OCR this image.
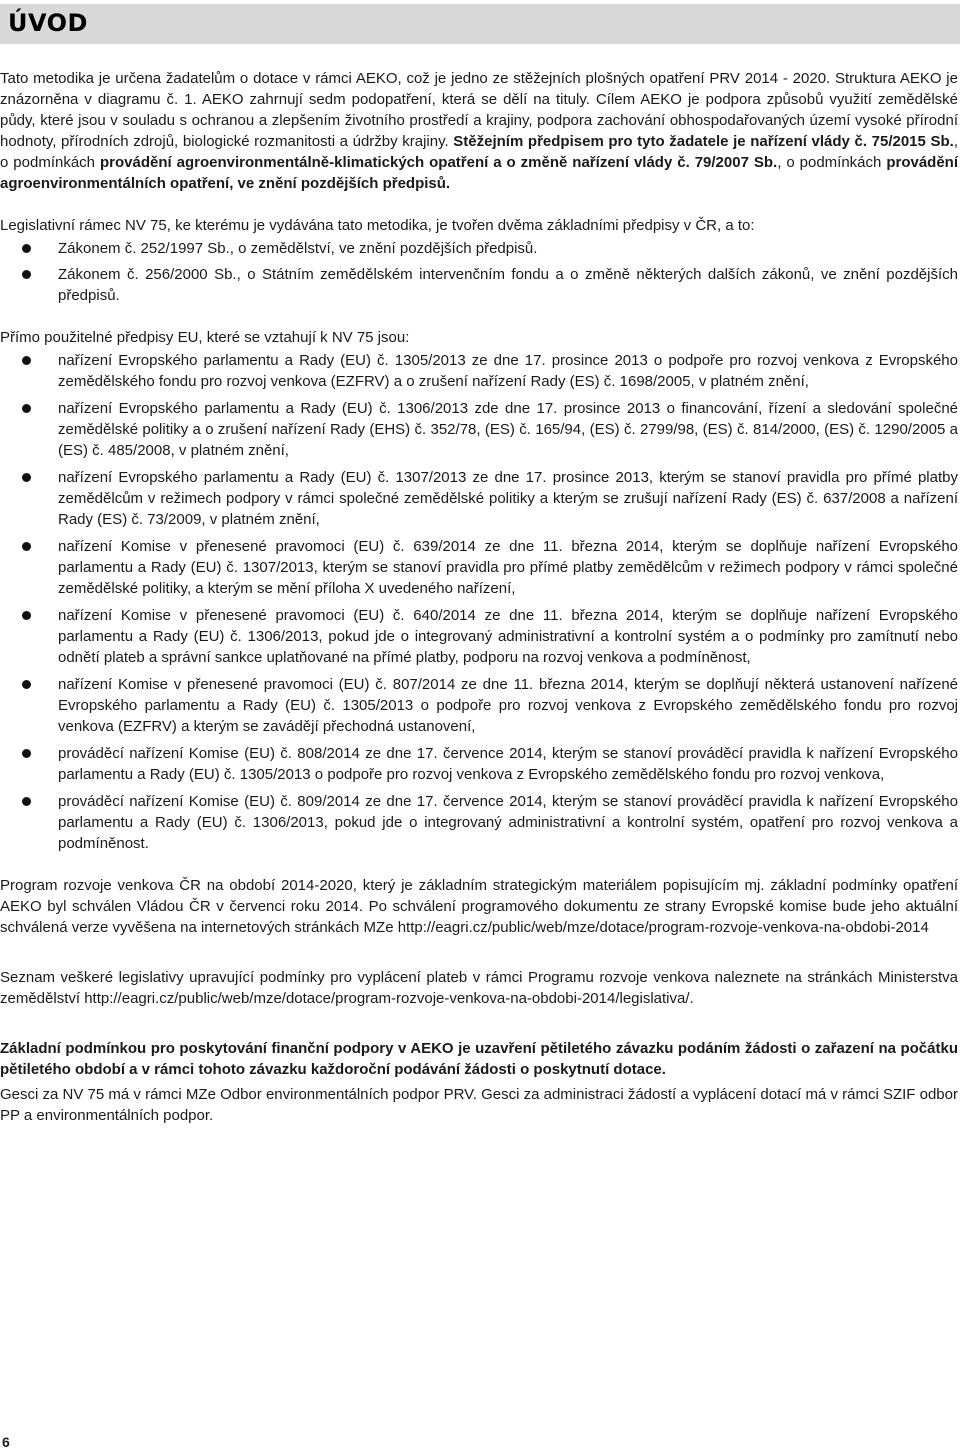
ÚVOD

Tato metodika je určena žadatelům o dotace v rámci AEKO, což je jedno ze stěžejních plošných opatření PRV 2014 - 2020. Struktura AEKO je znázorněna v diagramu č. 1. AEKO zahrnují sedm podopatření, která se dělí na tituly. Cílem AEKO je podpora způsobů využití zemědělské půdy, které jsou v souladu s ochranou a zlepšením životního prostředí a krajiny, podpora zachování obhospodařovaných území vysoké přírodní hodnoty, přírodních zdrojů, biologické rozmanitosti a údržby krajiny. Stěžejním předpisem pro tyto žadatele je nařízení vlády č. 75/2015 Sb., o podmínkách provádění agroenvironmentálně-klimatických opatření a o změně nařízení vlády č. 79/2007 Sb., o podmínkách provádění agroenvironmentálních opatření, ve znění pozdějších předpisů.

Legislativní rámec NV 75, ke kterému je vydávána tato metodika, je tvořen dvěma základními předpisy v ČR, a to:

Zákonem č. 252/1997 Sb., o zemědělství, ve znění pozdějších předpisů.
Zákonem č. 256/2000 Sb., o Státním zemědělském intervenčním fondu a o změně některých dalších zákonů, ve znění pozdějších předpisů.

Přímo použitelné předpisy EU, které se vztahují k NV 75 jsou:

nařízení Evropského parlamentu a Rady (EU) č. 1305/2013 ze dne 17. prosince 2013 o podpoře pro rozvoj venkova z Evropského zemědělského fondu pro rozvoj venkova (EZFRV) a o zrušení nařízení Rady (ES) č. 1698/2005, v platném znění,
nařízení Evropského parlamentu a Rady (EU) č. 1306/2013 zde dne 17. prosince 2013 o financování, řízení a sledování společné zemědělské politiky a o zrušení nařízení Rady (EHS) č. 352/78, (ES) č. 165/94, (ES) č. 2799/98, (ES) č. 814/2000, (ES) č. 1290/2005 a (ES) č. 485/2008, v platném znění,
nařízení Evropského parlamentu a Rady (EU) č. 1307/2013 ze dne 17. prosince 2013, kterým se stanoví pravidla pro přímé platby zemědělcům v režimech podpory v rámci společné zemědělské politiky a kterým se zrušují nařízení Rady (ES) č. 637/2008 a nařízení Rady (ES) č. 73/2009, v platném znění,
nařízení Komise v přenesené pravomoci (EU) č. 639/2014 ze dne 11. března 2014, kterým se doplňuje nařízení Evropského parlamentu a Rady (EU) č. 1307/2013, kterým se stanoví pravidla pro přímé platby zemědělcům v režimech podpory v rámci společné zemědělské politiky, a kterým se mění příloha X uvedeného nařízení,
nařízení Komise v přenesené pravomoci (EU) č. 640/2014 ze dne 11. března 2014, kterým se doplňuje nařízení Evropského parlamentu a Rady (EU) č. 1306/2013, pokud jde o integrovaný administrativní a kontrolní systém a o podmínky pro zamítnutí nebo odnětí plateb a správní sankce uplatňované na přímé platby, podporu na rozvoj venkova a podmíněnost,
nařízení Komise v přenesené pravomoci (EU) č. 807/2014 ze dne 11. března 2014, kterým se doplňují některá ustanovení nařízené Evropského parlamentu a Rady (EU) č. 1305/2013 o podpoře pro rozvoj venkova z Evropského zemědělského fondu pro rozvoj venkova (EZFRV) a kterým se zavádějí přechodná ustanovení,
prováděcí nařízení Komise (EU) č. 808/2014 ze dne 17. července 2014, kterým se stanoví prováděcí pravidla k nařízení Evropského parlamentu a Rady (EU) č. 1305/2013 o podpoře pro rozvoj venkova z Evropského zemědělského fondu pro rozvoj venkova,
prováděcí nařízení Komise (EU) č. 809/2014 ze dne 17. července 2014, kterým se stanoví prováděcí pravidla k nařízení Evropského parlamentu a Rady (EU) č. 1306/2013, pokud jde o integrovaný administrativní a kontrolní systém, opatření pro rozvoj venkova a podmíněnost.

Program rozvoje venkova ČR na období 2014-2020, který je základním strategickým materiálem popisujícím mj. základní podmínky opatření AEKO byl schválen Vládou ČR v červenci roku 2014. Po schválení programového dokumentu ze strany Evropské komise bude jeho aktuální schválená verze vyvěšena na internetových stránkách MZe http://eagri.cz/public/web/mze/dotace/program-rozvoje-venkova-na-obdobi-2014

Seznam veškeré legislativy upravující podmínky pro vyplácení plateb v rámci Programu rozvoje venkova naleznete na stránkách Ministerstva zemědělství http://eagri.cz/public/web/mze/dotace/program-rozvoje-venkova-na-obdobi-2014/legislativa/.

Základní podmínkou pro poskytování finanční podpory v AEKO je uzavření pětiletého závazku podáním žádosti o zařazení na počátku pětiletého období a v rámci tohoto závazku každoroční podávání žádosti o poskytnutí dotace.

Gesci za NV 75 má v rámci MZe Odbor environmentálních podpor PRV. Gesci za administraci žádostí a vyplácení dotací má v rámci SZIF odbor PP a environmentálních podpor.

6
